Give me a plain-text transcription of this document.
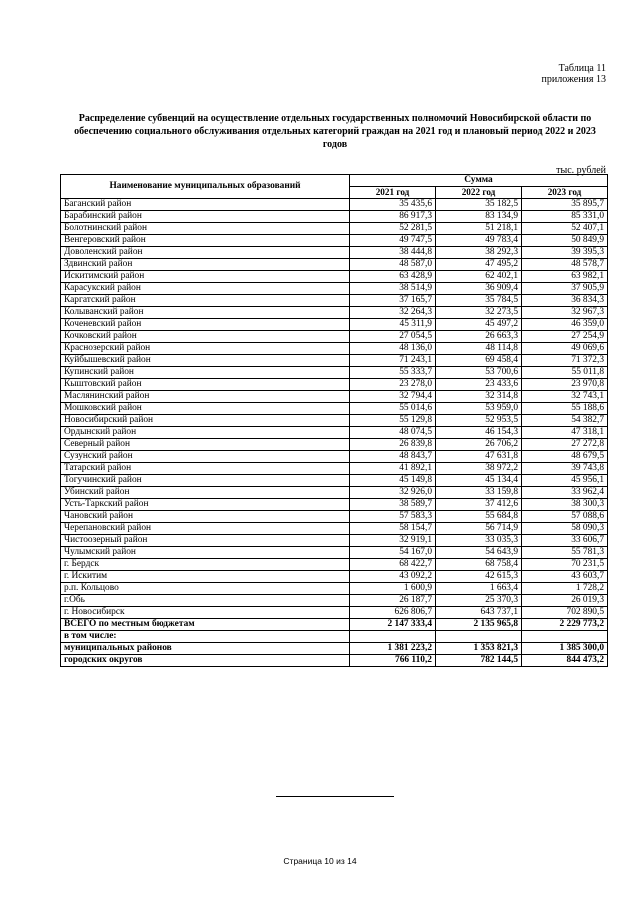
Таблица 11
приложения 13
Распределение субвенций на осуществление отдельных государственных полномочий Новосибирской области по обеспечению социального обслуживания отдельных категорий граждан на 2021 год и плановый период 2022 и 2023 годов
тыс. рублей
Наименование муниципальных образований	Сумма		
	2021 год	2022 год	2023 год
Баганский район	35 435,6	35 182,5	35 895,7
Барабинский район	86 917,3	83 134,9	85 331,0
Болотнинский район	52 281,5	51 218,1	52 407,1
Венгеровский район	49 747,5	49 783,4	50 849,9
Доволенский район	38 444,8	38 292,3	39 395,3
Здвинский район	48 587,0	47 495,2	48 578,7
Искитимский район	63 428,9	62 402,1	63 982,1
Карасукский район	38 514,9	36 909,4	37 905,9
Каргатский район	37 165,7	35 784,5	36 834,3
Колыванский район	32 264,3	32 273,5	32 967,3
Коченевский район	45 311,9	45 497,2	46 359,0
Кочковский район	27 054,5	26 663,3	27 254,9
Краснозерский район	48 136,0	48 114,8	49 069,6
Куйбышевский район	71 243,1	69 458,4	71 372,3
Купинский район	55 333,7	53 700,6	55 011,8
Кыштовский район	23 278,0	23 433,6	23 970,8
Маслянинский район	32 794,4	32 314,8	32 743,1
Мошковский район	55 014,6	53 959,0	55 188,6
Новосибирский район	55 129,8	52 953,5	54 382,7
Ордынский район	48 074,5	46 154,3	47 318,1
Северный район	26 839,8	26 706,2	27 272,8
Сузунский район	48 843,7	47 631,8	48 679,5
Татарский район	41 892,1	38 972,2	39 743,8
Тогучинский район	45 149,8	45 134,4	45 956,1
Убинский район	32 926,0	33 159,8	33 962,4
Усть-Таркский район	38 589,7	37 412,6	38 300,3
Чановский район	57 583,3	55 684,8	57 088,6
Черепановский район	58 154,7	56 714,9	58 090,3
Чистоозерный район	32 919,1	33 035,3	33 606,7
Чулымский район	54 167,0	54 643,9	55 781,3
г. Бердск	68 422,7	68 758,4	70 231,5
г. Искитим	43 092,2	42 615,3	43 603,7
р.п. Кольцово	1 600,9	1 663,4	1 728,2
г.Обь	26 187,7	25 370,3	26 019,3
г. Новосибирск	626 806,7	643 737,1	702 890,5
ВСЕГО по местным бюджетам	2 147 333,4	2 135 965,8	2 229 773,2
в том числе:			
муниципальных районов	1 381 223,2	1 353 821,3	1 385 300,0
городских округов	766 110,2	782 144,5	844 473,2
Страница 10 из 14
